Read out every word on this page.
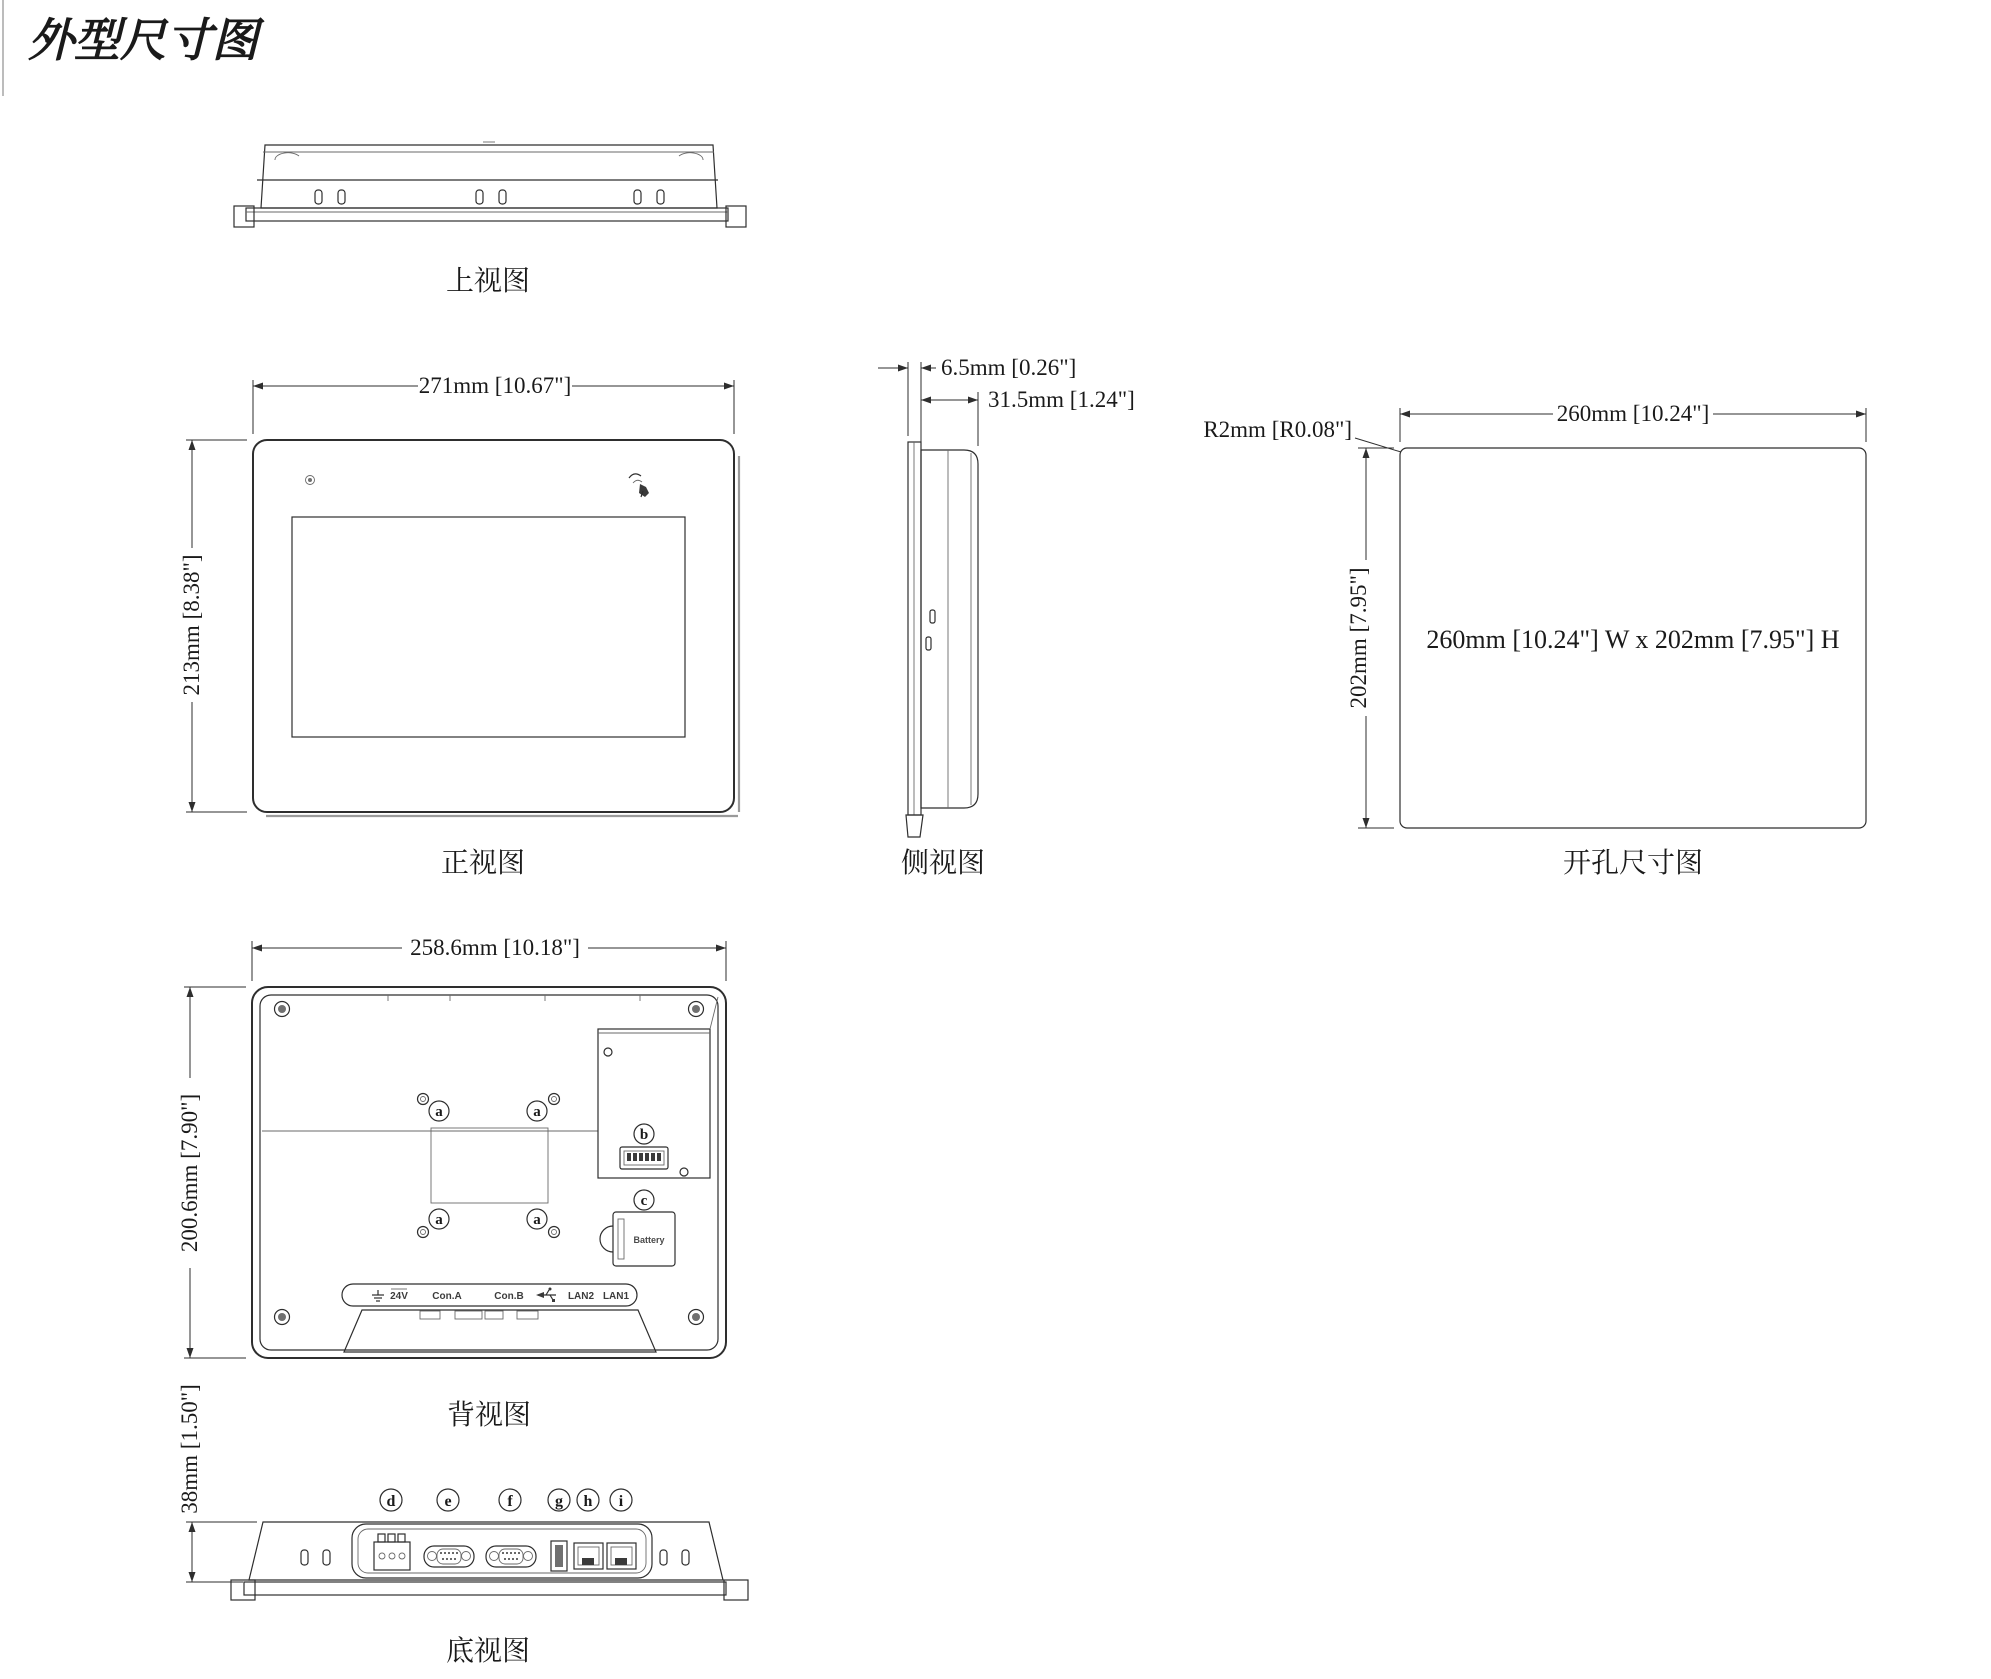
外型尺寸图
上视图
271mm [10.67"]
213mm [8.38"]
正视图
6.5mm [0.26"]
31.5mm [1.24"]
侧视图
260mm [10.24"] W x 202mm [7.95"] H
260mm [10.24"]
202mm [7.95"]
R2mm [R0.08"]
开孔尺寸图
a	a
a	a
b
c
Battery
24V Con.A	Con.B	LAN2 LAN1
258.6mm [10.18"]
200.6mm [7.90"]
背视图
d	e	f	g h i
38mm [1.50"]
底视图
